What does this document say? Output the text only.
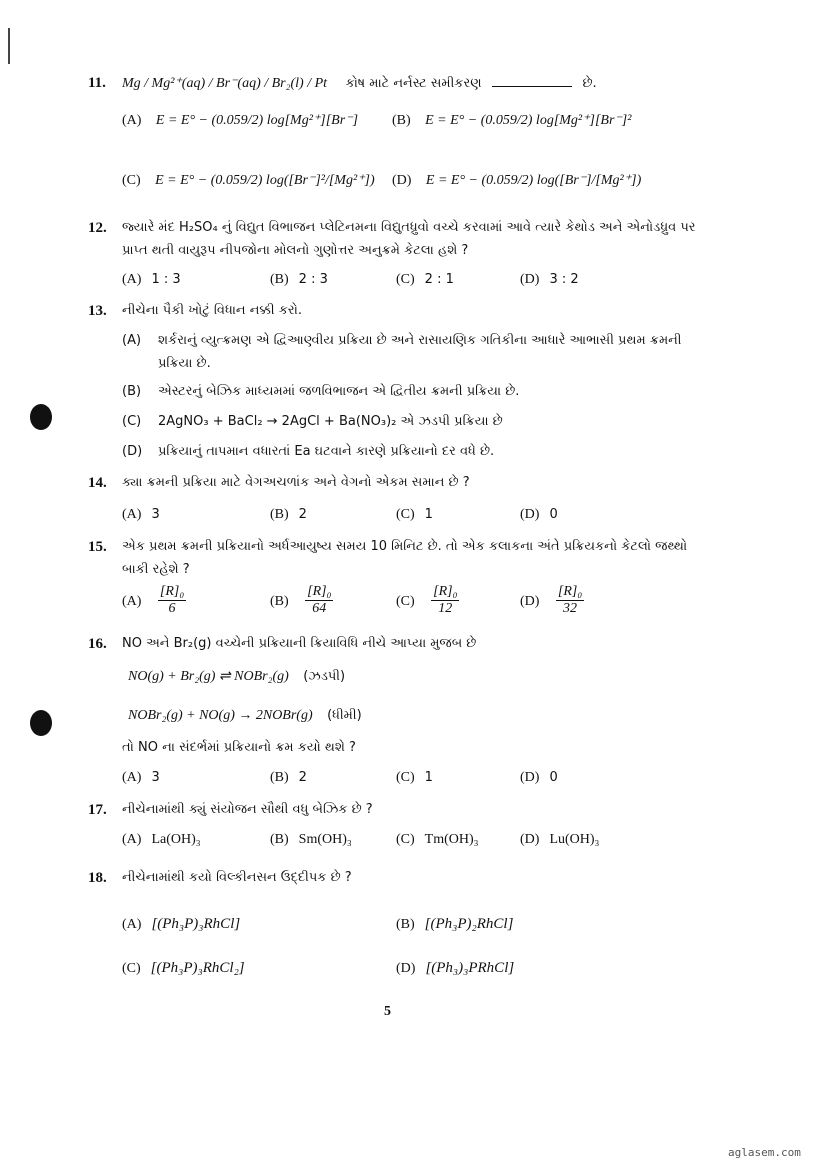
11. Mg / Mg²⁺(aq) / Br⁻(aq) / Br₂(l) / Pt કોષ માટે નર્નસ્ટ સમીકરણ	છે.
(A) E = E° − (0.059/2) log[Mg²⁺][Br⁻] (B) E = E° − (0.059/2) log[Mg²⁺][Br⁻]²
(C) E = E° − (0.059/2) log([Br⁻]²/[Mg²⁺]) (D) E = E° − (0.059/2) log([Br⁻]/[Mg²⁺])
12. જ્યારે મંદ H₂SO₄ નું વિદ્યુત વિભાજન પ્લેટિનમના વિદ્યુતધ્રુવો વચ્ચે કરવામાં આવે ત્યારે કેથોડ અને એનોડધ્રુવ પર પ્રાપ્ત થતી વાયુરૂપ નીપજોના મોલનો ગુણોત્તર અનુક્રમે કેટલા હશે ?
(A) 1 : 3	(B) 2 : 3	(C) 2 : 1	(D) 3 : 2
13. નીચેના પૈકી ખોટું વિધાન નક્કી કરો.
(A) શર્કરાનું વ્યુત્ક્રમણ એ દ્વિઆણ્વીય પ્રક્રિયા છે અને રાસાયણિક ગતિકીના આધારે આભાસી પ્રથમ ક્રમની પ્રક્રિયા છે.
(B) એસ્ટરનું બેઝિક માધ્યમમાં જળવિભાજન એ દ્વિતીય ક્રમની પ્રક્રિયા છે.
(C) 2AgNO₃ + BaCl₂ → 2AgCl + Ba(NO₃)₂ એ ઝડપી પ્રક્રિયા છે
(D) પ્રક્રિયાનું તાપમાન વધારતાં Ea ઘટવાને કારણે પ્રક્રિયાનો દર વધે છે.
14. ક્યા ક્રમની પ્રક્રિયા માટે વેગઅચળાંક અને વેગનો એકમ સમાન છે ?
(A) 3	(B) 2	(C) 1	(D) 0
15. એક પ્રથમ ક્રમની પ્રક્રિયાનો અર્ધઆયુષ્ય સમય 10 મિનિટ છે. તો એક કલાકના અંતે પ્રક્રિયકનો કેટલો જથ્થો બાકી રહેશે ?
$(A) \frac{\text{[R]₀}}{6}$	$(B) \frac{\text{[R]₀}}{64}$	$(C) \frac{\text{[R]₀}}{12}$	$(D) \frac{\text{[R]₀}}{32}$
16. NO અને Br₂(g) વચ્ચેની પ્રક્રિયાની ક્રિયાવિધિ નીચે આપ્યા મુજબ છે
NO(g) + Br₂(g) ⇌ NOBr₂(g) (ઝડપી)
NOBr₂(g) + NO(g) → 2NOBr(g) (ધીમી)
તો NO ના સંદર્ભમાં પ્રક્રિયાનો ક્રમ કયો થશે ?
(A) 3	(B) 2	(C) 1	(D) 0
17. નીચેનામાંથી ક્યું સંયોજન સૌથી વધુ બેઝિક છે ?
(A) La(OH)₃	(B) Sm(OH)₃	(C) Tm(OH)₃	(D) Lu(OH)₃
18. નીચેનામાંથી કયો વિલ્કીનસન ઉદ્દીપક છે ?
(A) [(Ph₃P)₃RhCl]	(B) [(Ph₃P)₂RhCl]
(C) [(Ph₃P)₃RhCl₂]	(D) [(Ph₃)₃PRhCl]
5
aglasem.com
